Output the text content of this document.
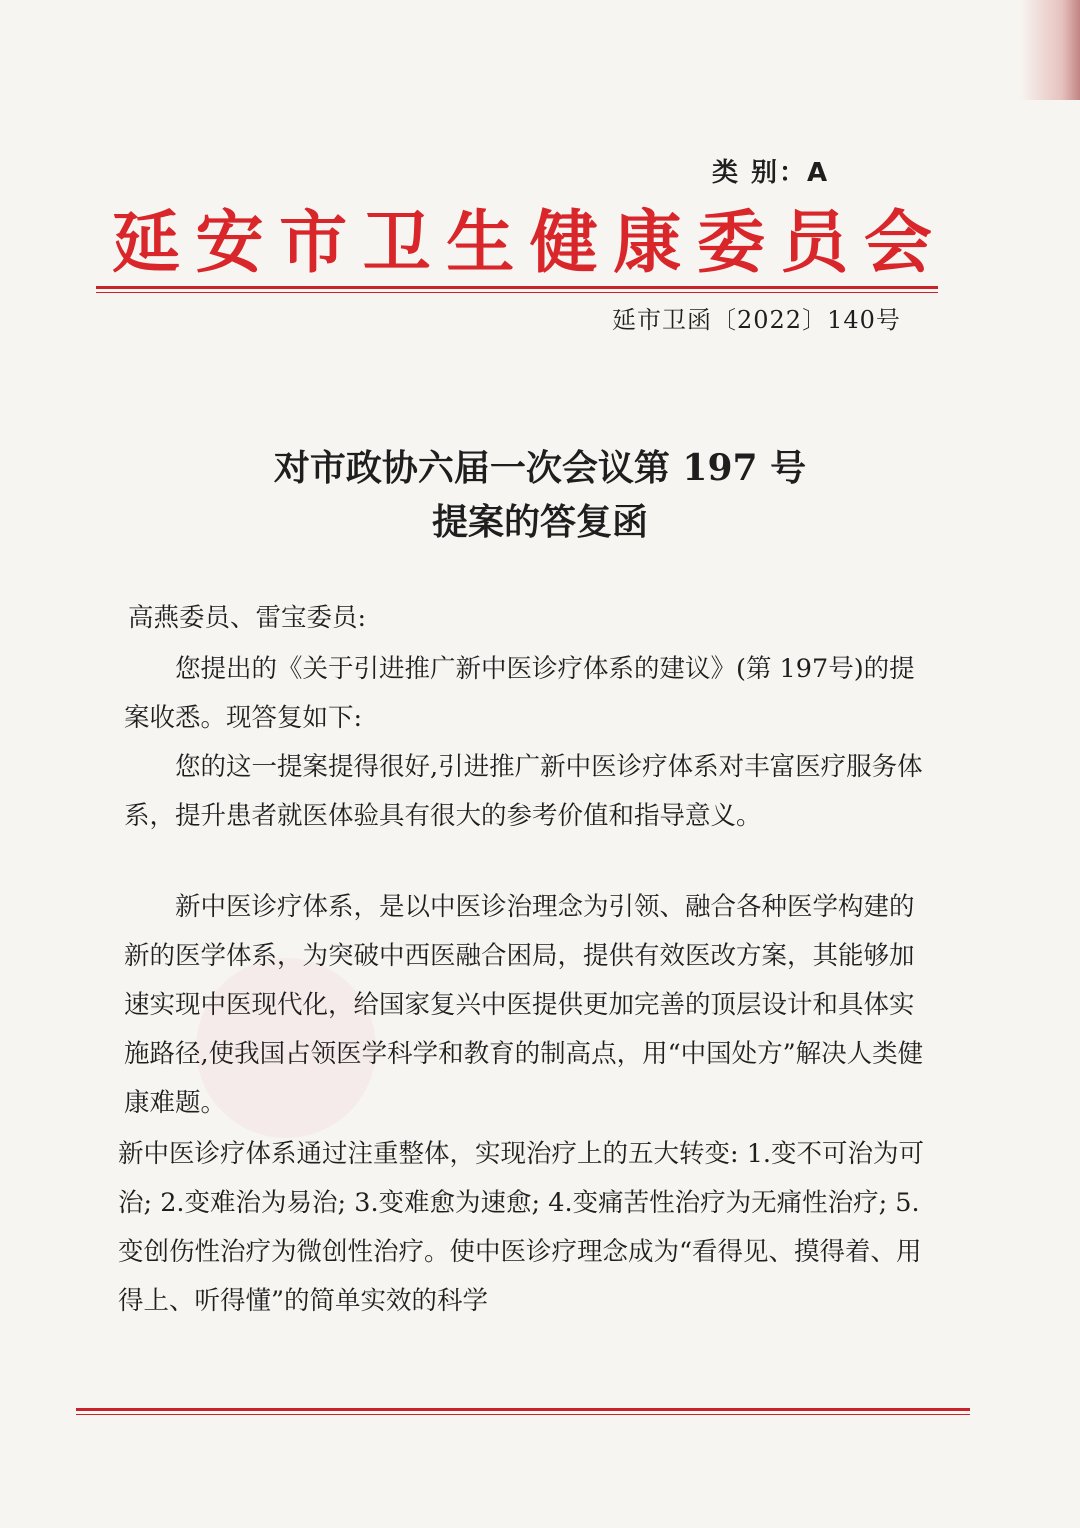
类 别：A
延 安 市 卫 生 健 康 委 员 会
延市卫函〔2022〕140号
对市政协六届一次会议第 197 号
提案的答复函
高燕委员、雷宝委员:
您提出的《关于引进推广新中医诊疗体系的建议》(第 197号)的提案收悉。现答复如下:
您的这一提案提得很好,引进推广新中医诊疗体系对丰富医疗服务体系，提升患者就医体验具有很大的参考价值和指导意义。
新中医诊疗体系，是以中医诊治理念为引领、融合各种医学构建的新的医学体系，为突破中西医融合困局，提供有效医改方案，其能够加速实现中医现代化，给国家复兴中医提供更加完善的顶层设计和具体实施路径,使我国占领医学科学和教育的制高点，用“中国处方”解决人类健康难题。
新中医诊疗体系通过注重整体，实现治疗上的五大转变: 1.变不可治为可治; 2.变难治为易治; 3.变难愈为速愈; 4.变痛苦性治疗为无痛性治疗; 5.变创伤性治疗为微创性治疗。使中医诊疗理念成为“看得见、摸得着、用得上、听得懂”的简单实效的科学
